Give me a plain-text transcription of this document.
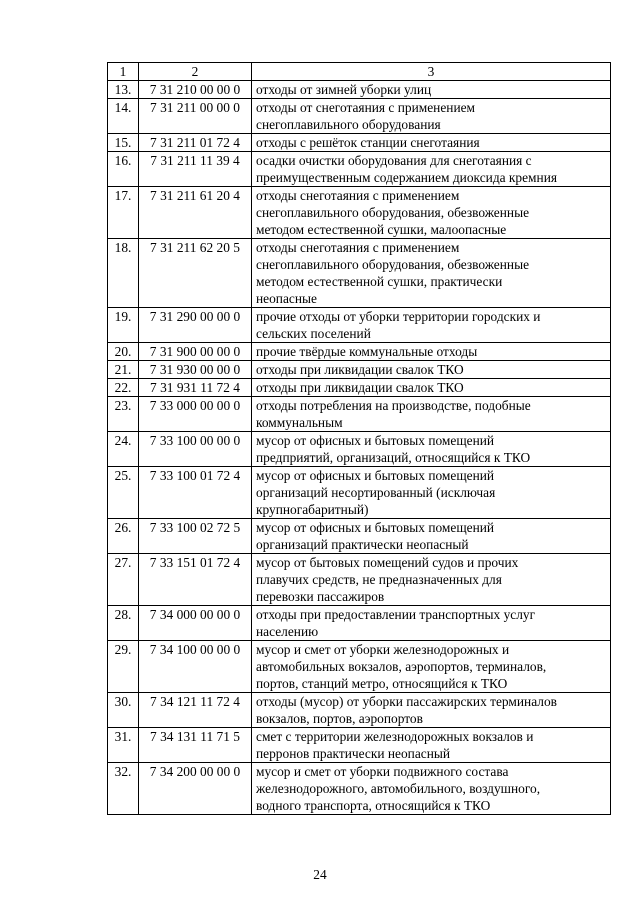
1	2	3
13.	7 31 210 00 00 0	отходы от зимней уборки улиц

14.	7 31 211 00 00 0	отходы от снеготаяния с применением
снегоплавильного оборудования

15.	7 31 211 01 72 4	отходы с решёток станции снеготаяния

16.	7 31 211 11 39 4	осадки очистки оборудования для снеготаяния с
преимущественным содержанием диоксида кремния

17.	7 31 211 61 20 4	отходы снеготаяния с применением
снегоплавильного оборудования, обезвоженные
методом естественной сушки, малоопасные

18.	7 31 211 62 20 5	отходы снеготаяния с применением
снегоплавильного оборудования, обезвоженные
методом естественной сушки, практически
неопасные

19.	7 31 290 00 00 0	прочие отходы от уборки территории городских и
сельских поселений

20.	7 31 900 00 00 0	прочие твёрдые коммунальные отходы

21.	7 31 930 00 00 0	отходы при ликвидации свалок ТКО

22.	7 31 931 11 72 4	отходы при ликвидации свалок ТКО

23.	7 33 000 00 00 0	отходы потребления на производстве, подобные
коммунальным

24.	7 33 100 00 00 0	мусор от офисных и бытовых помещений
предприятий, организаций, относящийся к ТКО

25.	7 33 100 01 72 4	мусор от офисных и бытовых помещений
организаций несортированный (исключая
крупногабаритный)

26.	7 33 100 02 72 5	мусор от офисных и бытовых помещений
организаций практически неопасный

27.	7 33 151 01 72 4	мусор от бытовых помещений судов и прочих
плавучих средств, не предназначенных для
перевозки пассажиров

28.	7 34 000 00 00 0	отходы при предоставлении транспортных услуг
населению

29.	7 34 100 00 00 0	мусор и смет от уборки железнодорожных и
автомобильных вокзалов, аэропортов, терминалов,
портов, станций метро, относящийся к ТКО

30.	7 34 121 11 72 4	отходы (мусор) от уборки пассажирских терминалов
вокзалов, портов, аэропортов

31.	7 34 131 11 71 5	смет с территории железнодорожных вокзалов и
перронов практически неопасный

32.	7 34 200 00 00 0	мусор и смет от уборки подвижного состава
железнодорожного, автомобильного, воздушного,
водного транспорта, относящийся к ТКО
24
